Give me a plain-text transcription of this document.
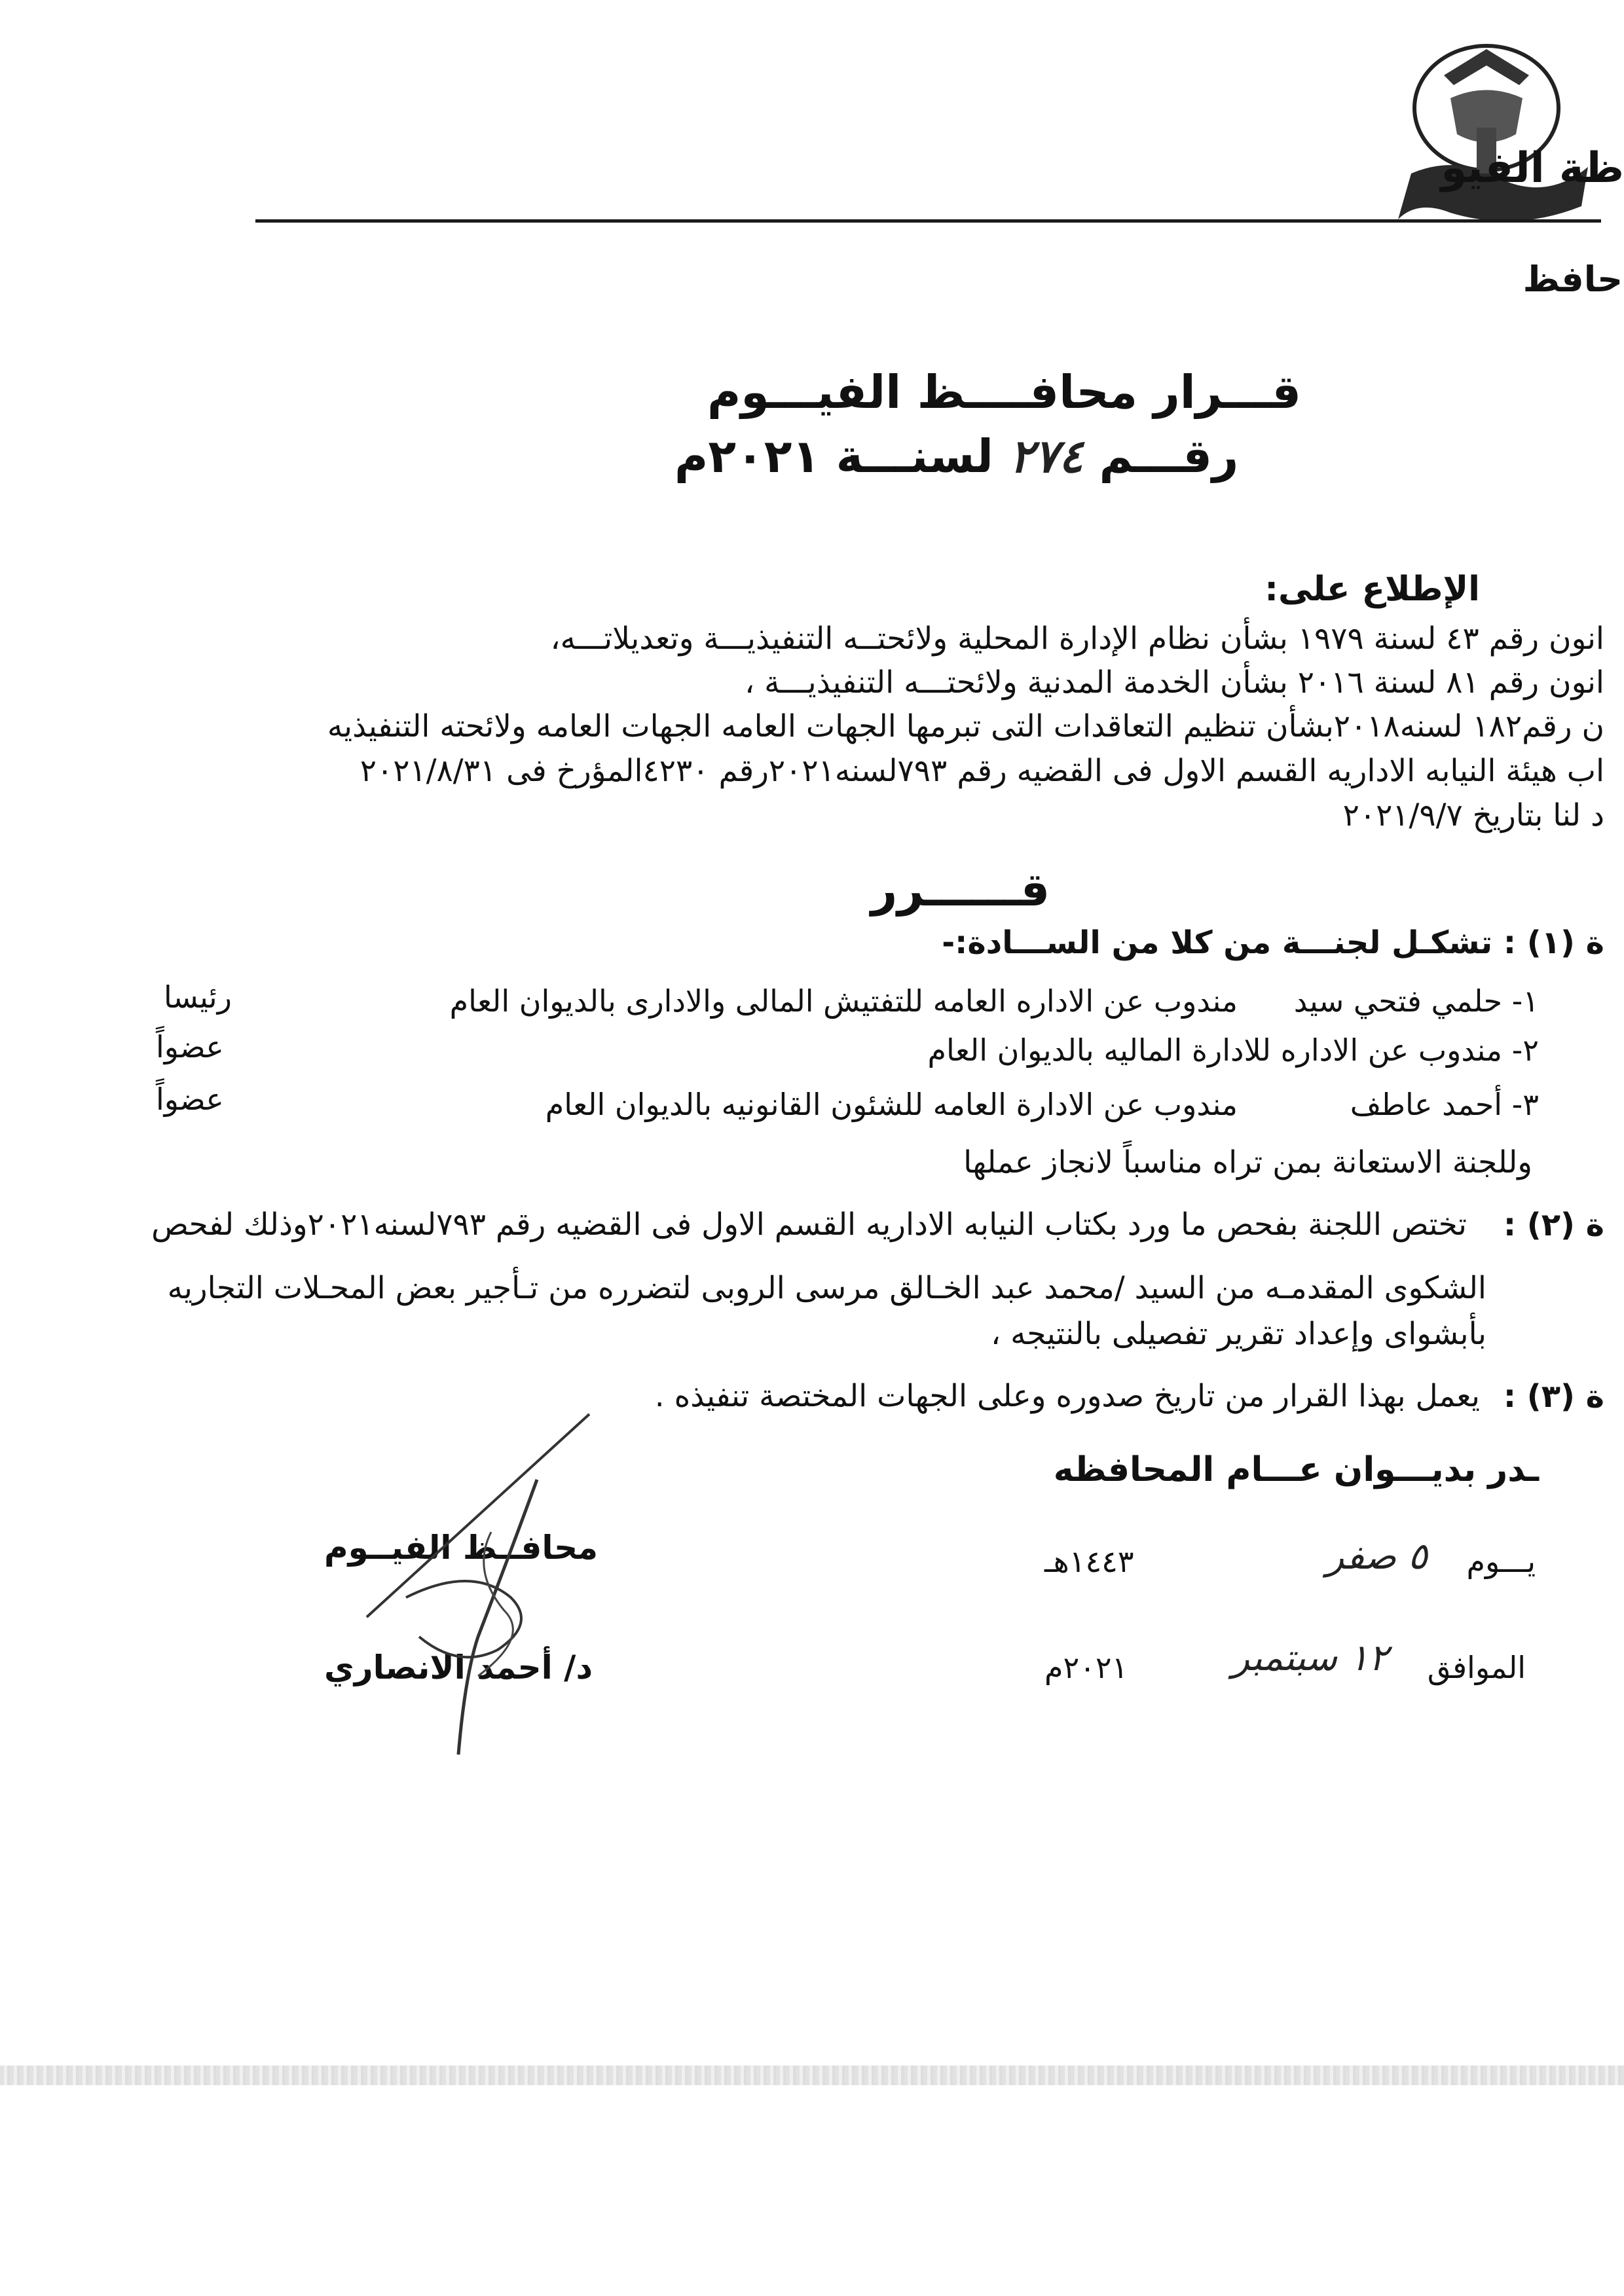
ظة الفيو
حافظ
قـــرار محافــــظ الفيـــوم
رقـــم ٢٧٤ لسنـــة ٢٠٢١م
الإطلاع على:
انون رقم ٤٣ لسنة ١٩٧٩ بشأن نظام الإدارة المحلية ولائحتــه التنفيذيـــة وتعديلاتـــه،
انون رقم ٨١ لسنة ٢٠١٦ بشأن الخدمة المدنية ولائحتـــه التنفيذيـــة ،
ن رقم١٨٢ لسنه٢٠١٨بشأن تنظيم التعاقدات التى تبرمها الجهات العامه الجهات العامه ولائحته التنفيذيه
اب هيئة النيابه الاداريه القسم الاول فى القضيه رقم ٧٩٣لسنه٢٠٢١رقم ٤٢٣٠المؤرخ فى ٢٠٢١/٨/٣١
د لنا بتاريخ ٢٠٢١/٩/٧
قــــــرر
ة (١) : تشكـل لجنـــة من كلا من الســـادة:-
١- حلمي فتحي سيد
مندوب عن الاداره العامه للتفتيش المالى والادارى بالديوان العام
رئيسا
٢- مندوب عن الاداره للادارة الماليه بالديوان العام
عضواً
٣- أحمد عاطف
مندوب عن الادارة العامه للشئون القانونيه بالديوان العام
عضواً
وللجنة الاستعانة بمن تراه مناسباً لانجاز عملها
ة (٢) :
تختص اللجنة بفحص ما ورد بكتاب النيابه الاداريه القسم الاول فى القضيه رقم ٧٩٣لسنه٢٠٢١وذلك لفحص
الشكوى المقدمـه من السيد /محمد عبد الخـالق مرسى الروبى لتضرره من تـأجير بعض المحـلات التجاريه
بأبشواى وإعداد تقرير تفصيلى بالنتيجه ،
ة (٣) :
يعمل بهذا القرار من تاريخ صدوره وعلى الجهات المختصة تنفيذه .
ـدر بديـــوان عـــام المحافظه
يـــوم
٥ صفر
١٤٤٣هـ
الموافق
١٢ سبتمبر
٢٠٢١م
محافــظ الفيــوم
د/ أحمد الانصاري
